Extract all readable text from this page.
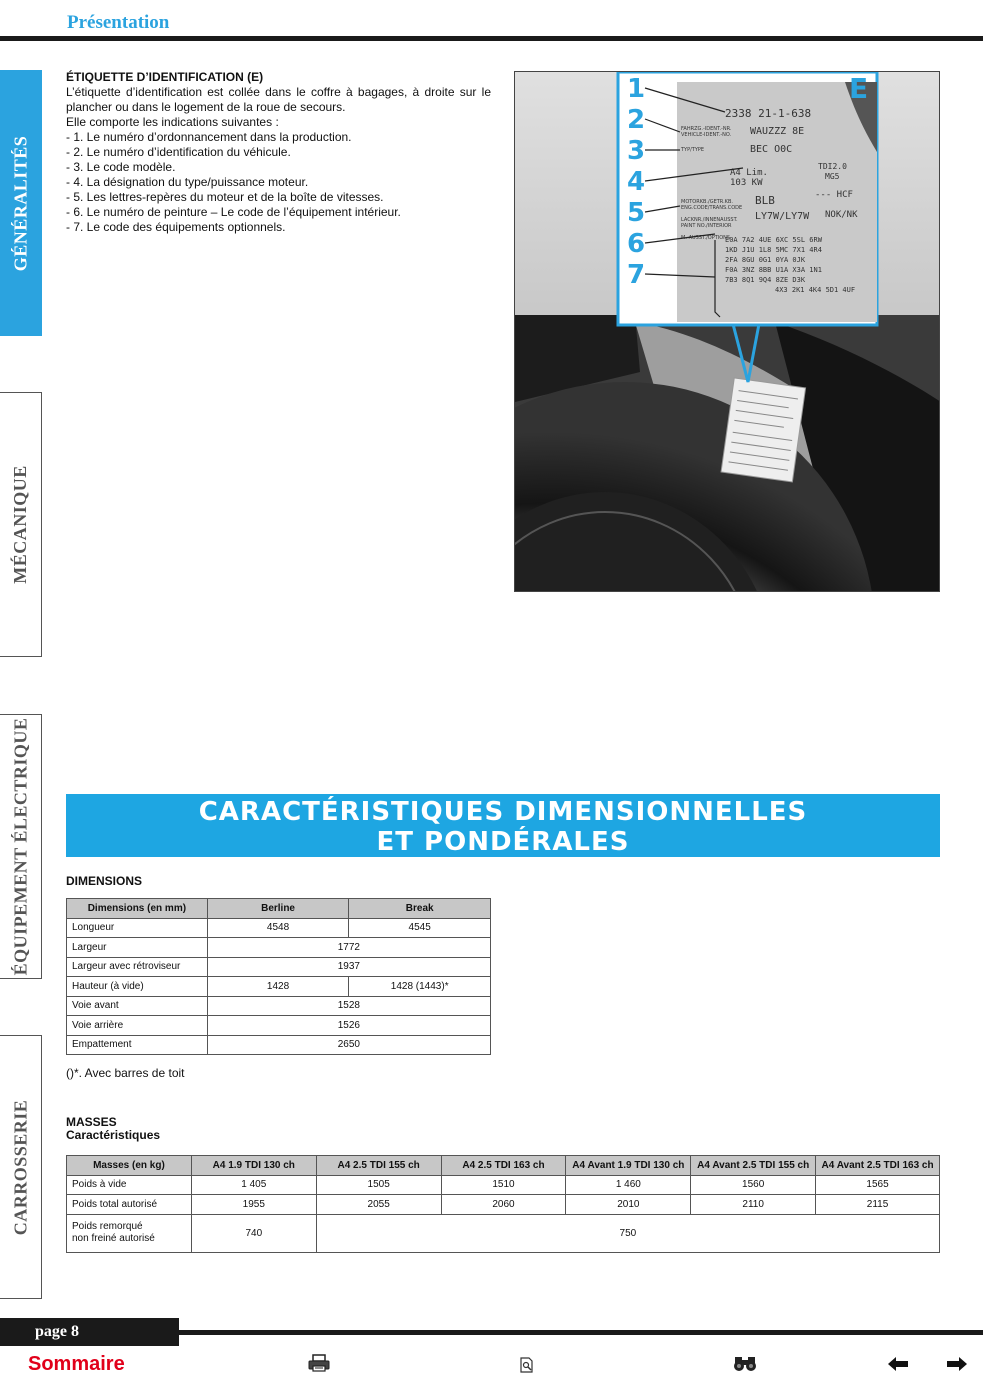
Présentation
GÉNÉRALITÉS
MÉCANIQUE
ÉQUIPEMENT ÉLECTRIQUE
CARROSSERIE
ÉTIQUETTE D’IDENTIFICATION (E)

L’étiquette d’identification est collée dans le coffre à bagages, à droite sur le plancher ou dans le logement de la roue de secours.

Elle comporte les indications suivantes :
- 1. Le numéro d’ordonnancement dans la production.
- 2. Le numéro d’identification du véhicule.
- 3. Le code modèle.
- 4. La désignation du type/puissance moteur.
- 5. Les lettres-repères du moteur et de la boîte de vitesses.
- 6. Le numéro de peinture – Le code de l’équipement intérieur.
- 7. Le code des équipements optionnels.
2338 21-1-638
WAUZZZ 8E
BEC O0C
A4 Lim.
TDI2.0
103 KW
MG5
BLB	--- HCF
LY7W/LY7W NOK/NK
E0A 7A2 4UE 6XC 5SL 6RW
1KD J1U 1L8 5MC 7X1 4R4
2FA 8GU 0G1 0YA 0JK
F0A 3NZ 8BB U1A X3A 1N1
7B3 8Q1 9Q4 8ZE D3K
4X3 2K1 4K4 5D1 4UF
FAHRZG.-IDENT.-NR.
VEHICLE-IDENT.-NO.
TYP/TYPE
MOTORKB./GETR.KB.
ENG.CODE/TRANS.CODE
LACKNR./INNENAUSST.
PAINT NO./INTERIOR
M.-AUSST./OPTIONS
1
2
3
4
5
6
7
E
CARACTÉRISTIQUES DIMENSIONNELLES
ET PONDÉRALES
DIMENSIONS
Dimensions (en mm)	Berline	Break
Longueur	4548	4545
Largeur	1772	
Largeur avec rétroviseur	1937	
Hauteur (à vide)	1428	1428 (1443)*
Voie avant	1528	
Voie arrière	1526	
Empattement	2650	
()*. Avec barres de toit
MASSES
Caractéristiques
Masses (en kg)	A4 1.9 TDI 130 ch	A4 2.5 TDI 155 ch	A4 2.5 TDI 163 ch	A4 Avant 1.9 TDI 130 ch	A4 Avant 2.5 TDI 155 ch	A4 Avant 2.5 TDI 163 ch
Poids à vide	1 405	1505	1510	1 460	1560	1565
Poids total autorisé	1955	2055	2060	2010	2110	2115

Poids remorqué
non freiné autorisé	740	750				
page 8
Sommaire
